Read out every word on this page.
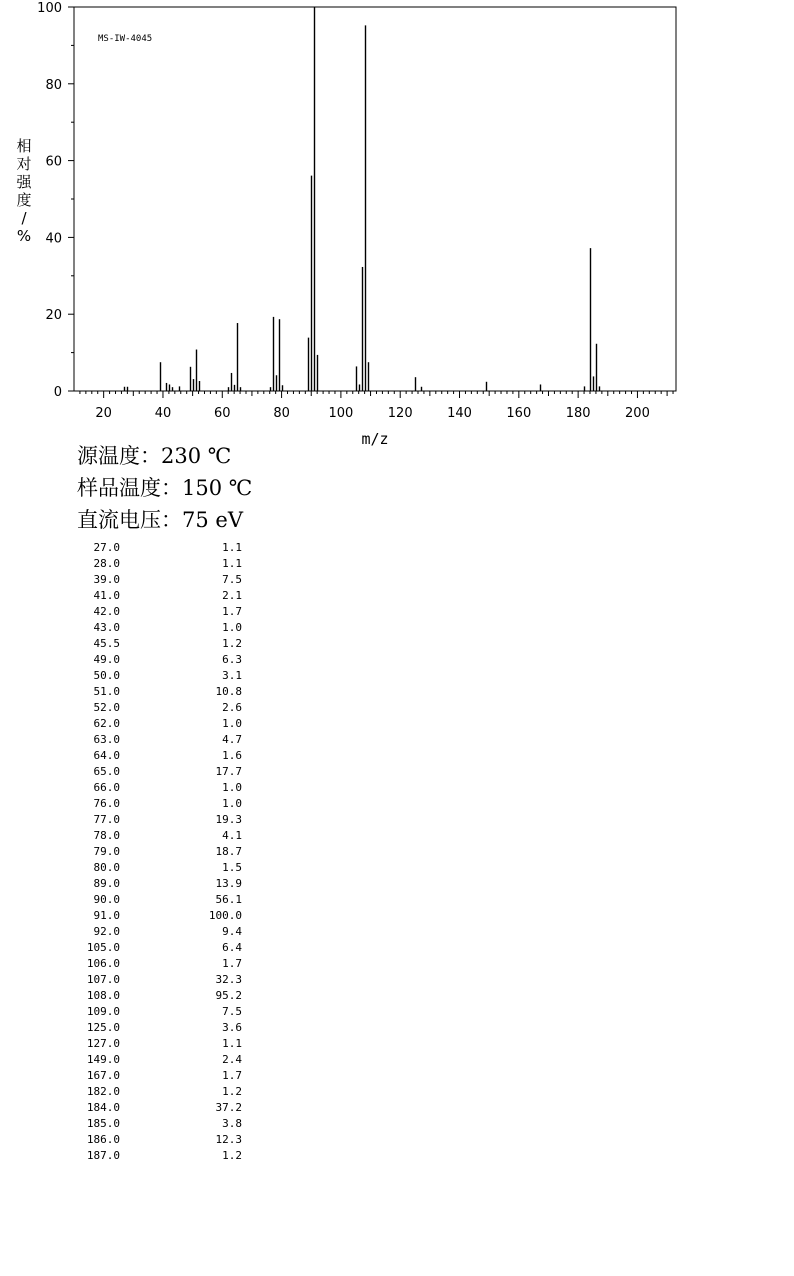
0
20
40
60
80
100
20	40	60	80	100	120	140	160	180	200
MS-IW-4045
m/z
相
对
强
度
/
%
源温度：230 ℃
样品温度：150 ℃
直流电压：75 eV
27.0	1.1
28.0	1.1
39.0	7.5
41.0	2.1
42.0	1.7
43.0	1.0
45.5	1.2
49.0	6.3
50.0	3.1
51.0	10.8
52.0	2.6
62.0	1.0
63.0	4.7
64.0	1.6
65.0	17.7
66.0	1.0
76.0	1.0
77.0	19.3
78.0	4.1
79.0	18.7
80.0	1.5
89.0	13.9
90.0	56.1
91.0	100.0
92.0	9.4
105.0	6.4
106.0	1.7
107.0	32.3
108.0	95.2
109.0	7.5
125.0	3.6
127.0	1.1
149.0	2.4
167.0	1.7
182.0	1.2
184.0	37.2
185.0	3.8
186.0	12.3
187.0	1.2
